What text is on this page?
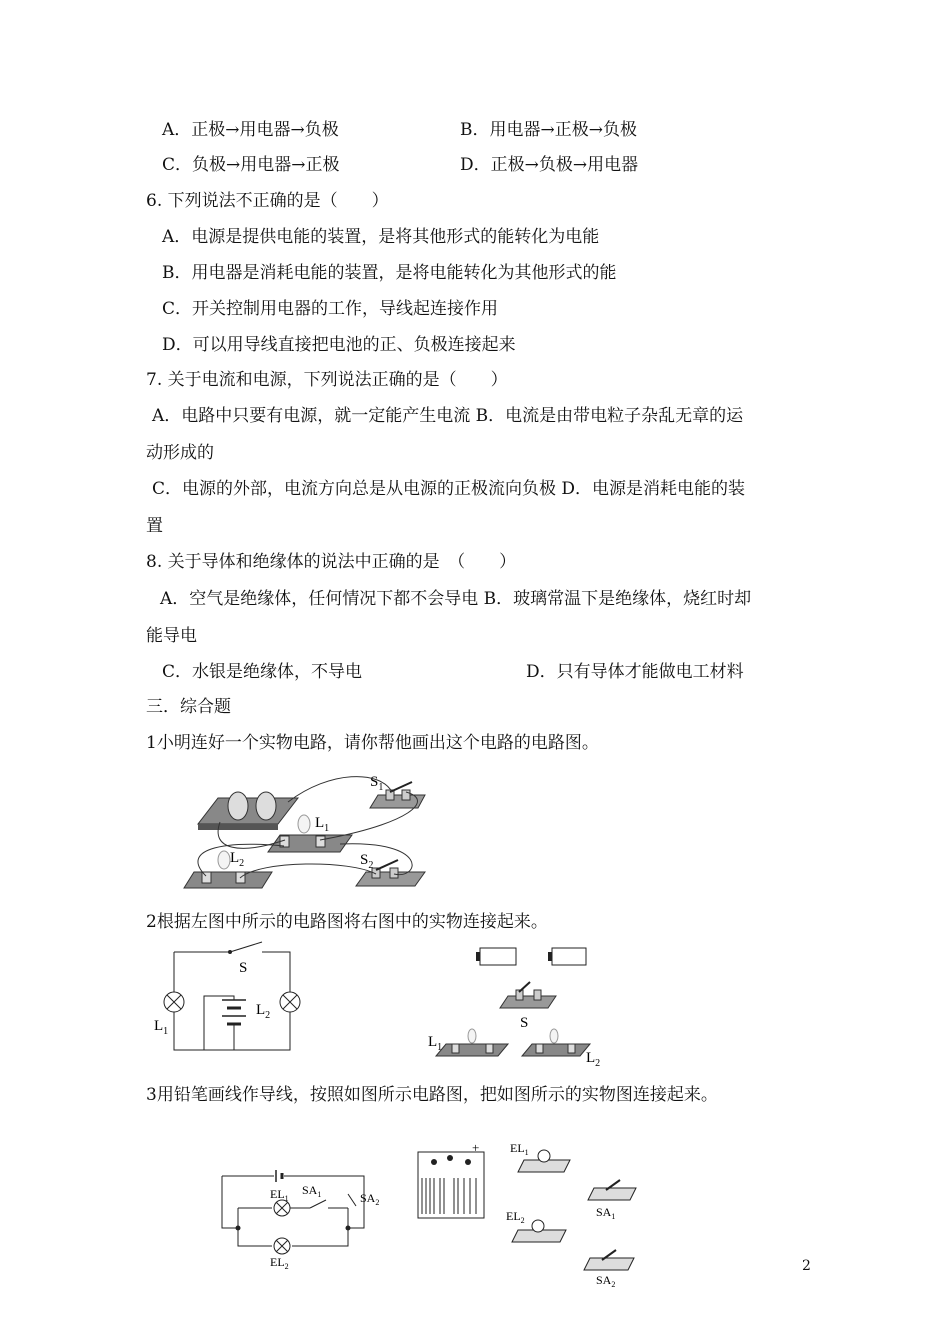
A．正极→用电器→负极	B．用电器→正极→负极
C．负极→用电器→正极	D．正极→负极→用电器
6. 下列说法不正确的是（　　）
A．电源是提供电能的装置，是将其他形式的能转化为电能
B．用电器是消耗电能的装置，是将电能转化为其他形式的能
C．开关控制用电器的工作，导线起连接作用
D．可以用导线直接把电池的正、负极连接起来
7. 关于电流和电源，下列说法正确的是（　　）
A．电路中只要有电源，就一定能产生电流 B．电流是由带电粒子杂乱无章的运
动形成的
C．电源的外部，电流方向总是从电源的正极流向负极 D．电源是消耗电能的装
置
8. 关于导体和绝缘体的说法中正确的是　（　　）
A．空气是绝缘体，任何情况下都不会导电 B．玻璃常温下是绝缘体，烧红时却
能导电
C．水银是绝缘体，不导电	D．只有导体才能做电工材料
三．综合题
1小明连好一个实物电路，请你帮他画出这个电路的电路图。
$S_1$
$L_1$
$L_2$	$S_2$
2根据左图中所示的电路图将右图中的实物连接起来。
S
$L_1$
$L_2$	S
$L_1$
$L_2$
3用铅笔画线作导线，按照如图所示电路图，把如图所示的实物图连接起来。
$EL_1$
$SA_1$	$SA_2$
$EL_2$
+	$EL_1$
$SA_1$
$EL_2$
$SA_2$
2
